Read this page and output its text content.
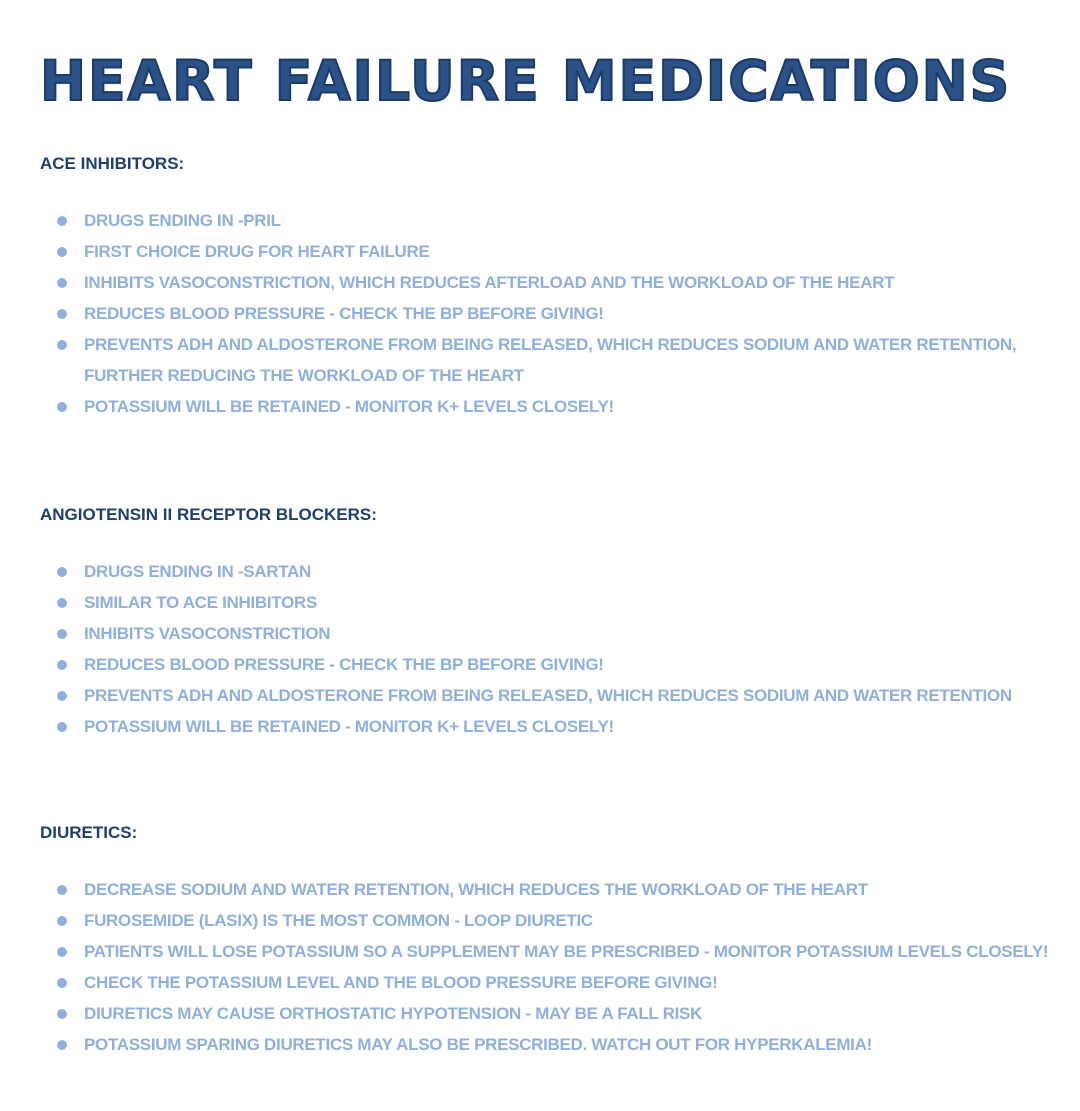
HEART FAILURE MEDICATIONS
ACE INHIBITORS:
DRUGS ENDING IN -PRIL
FIRST CHOICE DRUG FOR HEART FAILURE
INHIBITS VASOCONSTRICTION, WHICH REDUCES AFTERLOAD AND THE WORKLOAD OF THE HEART
REDUCES BLOOD PRESSURE - CHECK THE BP BEFORE GIVING!
PREVENTS ADH AND ALDOSTERONE FROM BEING RELEASED, WHICH REDUCES SODIUM AND WATER RETENTION, FURTHER REDUCING THE WORKLOAD OF THE HEART
POTASSIUM WILL BE RETAINED - MONITOR K+ LEVELS CLOSELY!
ANGIOTENSIN II RECEPTOR BLOCKERS:
DRUGS ENDING IN -SARTAN
SIMILAR TO ACE INHIBITORS
INHIBITS VASOCONSTRICTION
REDUCES BLOOD PRESSURE - CHECK THE BP BEFORE GIVING!
PREVENTS ADH AND ALDOSTERONE FROM BEING RELEASED, WHICH REDUCES SODIUM AND WATER RETENTION
POTASSIUM WILL BE RETAINED - MONITOR K+ LEVELS CLOSELY!
DIURETICS:
DECREASE SODIUM AND WATER RETENTION, WHICH REDUCES THE WORKLOAD OF THE HEART
FUROSEMIDE (LASIX) IS THE MOST COMMON - LOOP DIURETIC
PATIENTS WILL LOSE POTASSIUM SO A SUPPLEMENT MAY BE PRESCRIBED - MONITOR POTASSIUM LEVELS CLOSELY!
CHECK THE POTASSIUM LEVEL AND THE BLOOD PRESSURE BEFORE GIVING!
DIURETICS MAY CAUSE ORTHOSTATIC HYPOTENSION - MAY BE A FALL RISK
POTASSIUM SPARING DIURETICS MAY ALSO BE PRESCRIBED. WATCH OUT FOR HYPERKALEMIA!
